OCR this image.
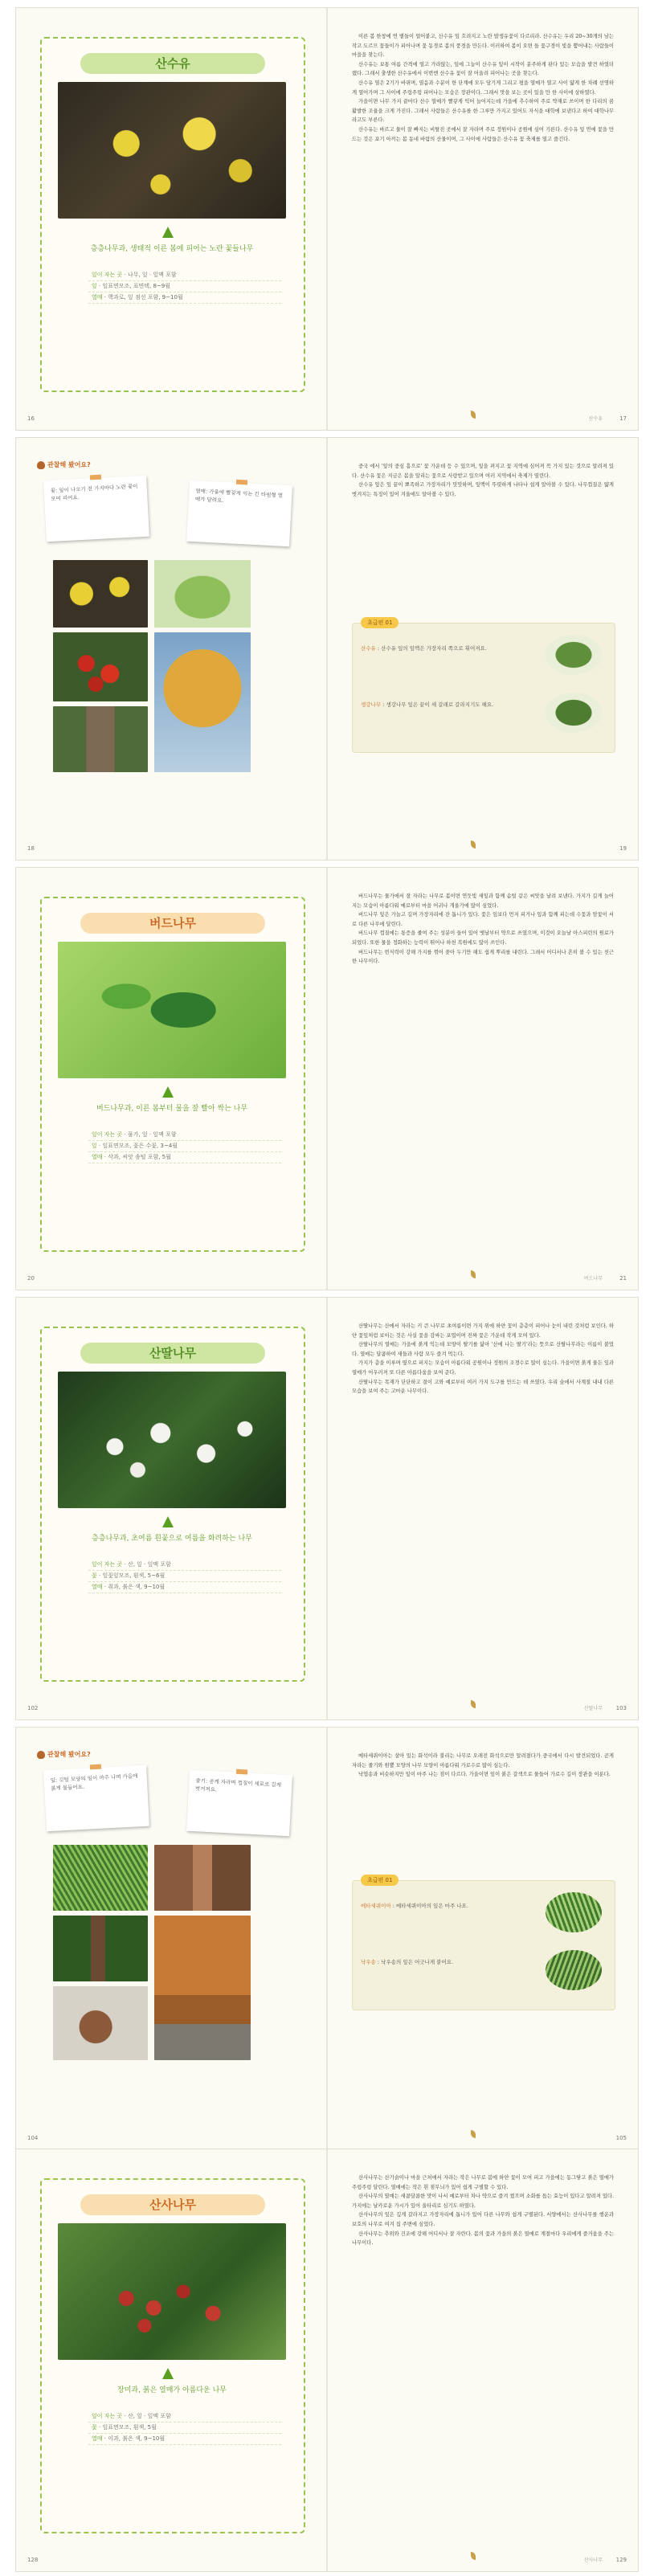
산수유
층층나무과, 생태적 이른 봄에 피어는 노란 꽃들나무
잎이 자는 곳 · 나무, 잎 · 잎맥 포함
잎 · 잎표면모조, 표면택, 8~9월
열매 · 핵과로, 잎 점선 포함, 9~10월
16

이른 봄 한창에 연 볕들이 얼어붙고, 산수유 잎 흐려지고 노란 발생유꽃이 다르리라. 산수유는 우리 20~30개의 남는 작고 도르므 꽃들이가 피어나며 꽃 동경로 봄의 풍경을 만든다. 이러하여 봄이 오면 들 꽃구경이 빛을 뿜어내는 사람들이 마을을 찾는다.

산수유는 보통 여름 간격에 열고 가라앉는, 잎에 그늘이 산수유 잎이 시작이 분주하게 판다 있는 모습을 발견 하였더랬다. 그래서 출생한 산수유에서 이번엔 산수유 꽃이 잘 어울려 피어나는 곳을 찾는다.

산수유 열은 2기가 바뀌며, 열음과 수분이 한 단계에 모두 담기게 그리고 평을 열매가 열고 사이 얇게 한 차례 선명하게 열어가며 그 사이에 주렁주렁 피어나는 모습은 장관이다. 그래서 맛을 보는 곳이 있을 만 한 사이에 상하였다.

가을이면 나무 가지 끝마다 산수 열매가 빨갛게 익어 늘어지는데 가을에 추수하여 주로 약재로 쓰이며 한 다리의 꿈 활발한 조율을 크게 가진다. 그래서 사람들은 산수유를 한 그루만 가지고 있어도 자식을 대학에 보낸다고 하여 대학나무라고도 부른다.

산수유는 바르고 물이 잘 빠지는 비탈진 곳에서 잘 자라며 주로 정원이나 공원에 심어 기른다. 산수유 잎 연에 꽃을 만드는 것은 포기 아끼는 봄 동네 바람의 산물이며, 그 사이에 사람들은 산수유 꽃 축제를 열고 즐긴다.

산수유	17
관찰해 봤어요?
꽃: 잎이 나오기 전 가지마다 노란 꽃이 모여 피어요.	열매: 가을에 빨갛게 익는 긴 타원형 열매가 달려요.
18

중국 에서 '잎의 중심 흠으로' 꽃 가운데 등 수 있으며, 잎을 펴지고 꽃 지역에 심어져 꼭 가지 있는 것으로 알려져 있다. 산수유 꽃은 지금은 봄을 알리는 꽃으로 사랑받고 있으며 여러 지역에서 축제가 열린다.

산수유 잎은 잎 끝이 뾰족하고 가장자리가 밋밋하며, 잎맥이 뚜렷하게 나타나 쉽게 알아볼 수 있다. 나무껍질은 얇게 벗겨지는 특징이 있어 겨울에도 알아볼 수 있다.

초급편 01
산수유 : 산수유 잎의 잎맥은 가장자리 쪽으로 휘어져요.
생강나무 : 생강나무 잎은 끝이 세 갈래로 갈라지기도 해요.
19
버드나무
버드나무과, 이른 봄부터 물을 잘 빨아 싹는 나무
잎이 자는 곳 · 물가, 잎 · 잎맥 포함
잎 · 잎표면모조, 꽃은 수꽃, 3~4월
열매 · 삭과, 씨앗 솜털 포함, 5월
20

버드나무는 물가에서 잘 자라는 나무로 봄이면 연둣빛 새잎과 함께 솜털 같은 씨앗을 날려 보낸다. 가지가 길게 늘어지는 모습이 아름다워 예로부터 마을 어귀나 개울가에 많이 심었다.

버드나무 잎은 가늘고 길며 가장자리에 잔 톱니가 있다. 꽃은 잎보다 먼저 피거나 잎과 함께 피는데 수꽃과 암꽃이 서로 다른 나무에 달린다.

버드나무 껍질에는 통증을 줄여 주는 성분이 들어 있어 옛날부터 약으로 쓰였으며, 이것이 오늘날 아스피린의 원료가 되었다. 또한 물을 정화하는 능력이 뛰어나 하천 복원에도 많이 쓰인다.

버드나무는 번식력이 강해 가지를 꺾어 꽂아 두기만 해도 쉽게 뿌리를 내린다. 그래서 어디서나 흔히 볼 수 있는 친근한 나무이다.

버드나무	21
산딸나무
층층나무과, 초여름 흰꽃으로 여름을 화려하는 나무
잎이 자는 곳 · 산, 잎 · 잎맥 포함
꽃 · 잎꽃잎모조, 흰색, 5~6월
열매 · 취과, 붉은 색, 9~10월
102

산딸나무는 산에서 자라는 키 큰 나무로 초여름이면 가지 위에 하얀 꽃이 층층이 피어나 눈이 내린 것처럼 보인다. 하얀 꽃잎처럼 보이는 것은 사실 꽃을 감싸는 포엽이며 진짜 꽃은 가운데 작게 모여 있다.

산딸나무의 열매는 가을에 붉게 익는데 모양이 딸기를 닮아 '산에 나는 딸기'라는 뜻으로 산딸나무라는 이름이 붙었다. 열매는 달콤하여 새들과 사람 모두 즐겨 먹는다.

가지가 층을 이루며 옆으로 퍼지는 모습이 아름다워 공원이나 정원의 조경수로 많이 심는다. 가을이면 붉게 물든 잎과 열매가 어우러져 또 다른 아름다움을 보여 준다.

산딸나무는 목재가 단단하고 결이 고와 예로부터 여러 가지 도구를 만드는 데 쓰였다. 우리 숲에서 사계절 내내 다른 모습을 보여 주는 고마운 나무이다.

산딸나무 103
관찰해 봤어요?
잎: 깃털 모양의 잎이 마주 나며 가을에 붉게 물들어요.	줄기: 곧게 자라며 껍질이 세로로 길게 벗겨져요.
104

메타세쿼이아는 살아 있는 화석이라 불리는 나무로 오래전 화석으로만 알려졌다가 중국에서 다시 발견되었다. 곧게 자라는 줄기와 원뿔 모양의 나무 모양이 아름다워 가로수로 많이 심는다.

낙엽송과 비슷하지만 잎이 마주 나는 점이 다르다. 가을이면 잎이 붉은 갈색으로 물들어 가로수 길이 장관을 이룬다.

초급편 01
메타세쿼이아 : 메타세쿼이아의 잎은 마주 나요.
낙우송 : 낙우송의 잎은 어긋나게 붙어요.
105
산사나무
장미과, 붉은 열매가 아름다운 나무
잎이 자는 곳 · 산, 잎 · 잎맥 포함
꽃 · 잎표면모조, 흰색, 5월
열매 · 이과, 붉은 색, 9~10월
128

산사나무는 산기슭이나 마을 근처에서 자라는 작은 나무로 봄에 하얀 꽃이 모여 피고 가을에는 동그랗고 붉은 열매가 주렁주렁 달린다. 열매에는 작은 흰 점무늬가 있어 쉽게 구별할 수 있다.

산사나무의 열매는 새콤달콤한 맛이 나서 예로부터 차나 약으로 즐겨 썼으며 소화를 돕는 효능이 있다고 알려져 있다. 가지에는 날카로운 가시가 있어 울타리로 심기도 하였다.

산사나무의 잎은 깊게 갈라지고 가장자리에 톱니가 있어 다른 나무와 쉽게 구별된다. 서양에서는 산사나무를 행운과 보호의 나무로 여겨 집 주변에 심었다.

산사나무는 추위와 건조에 강해 어디서나 잘 자란다. 봄의 꽃과 가을의 붉은 열매로 계절마다 우리에게 즐거움을 주는 나무이다.

산사나무 129
